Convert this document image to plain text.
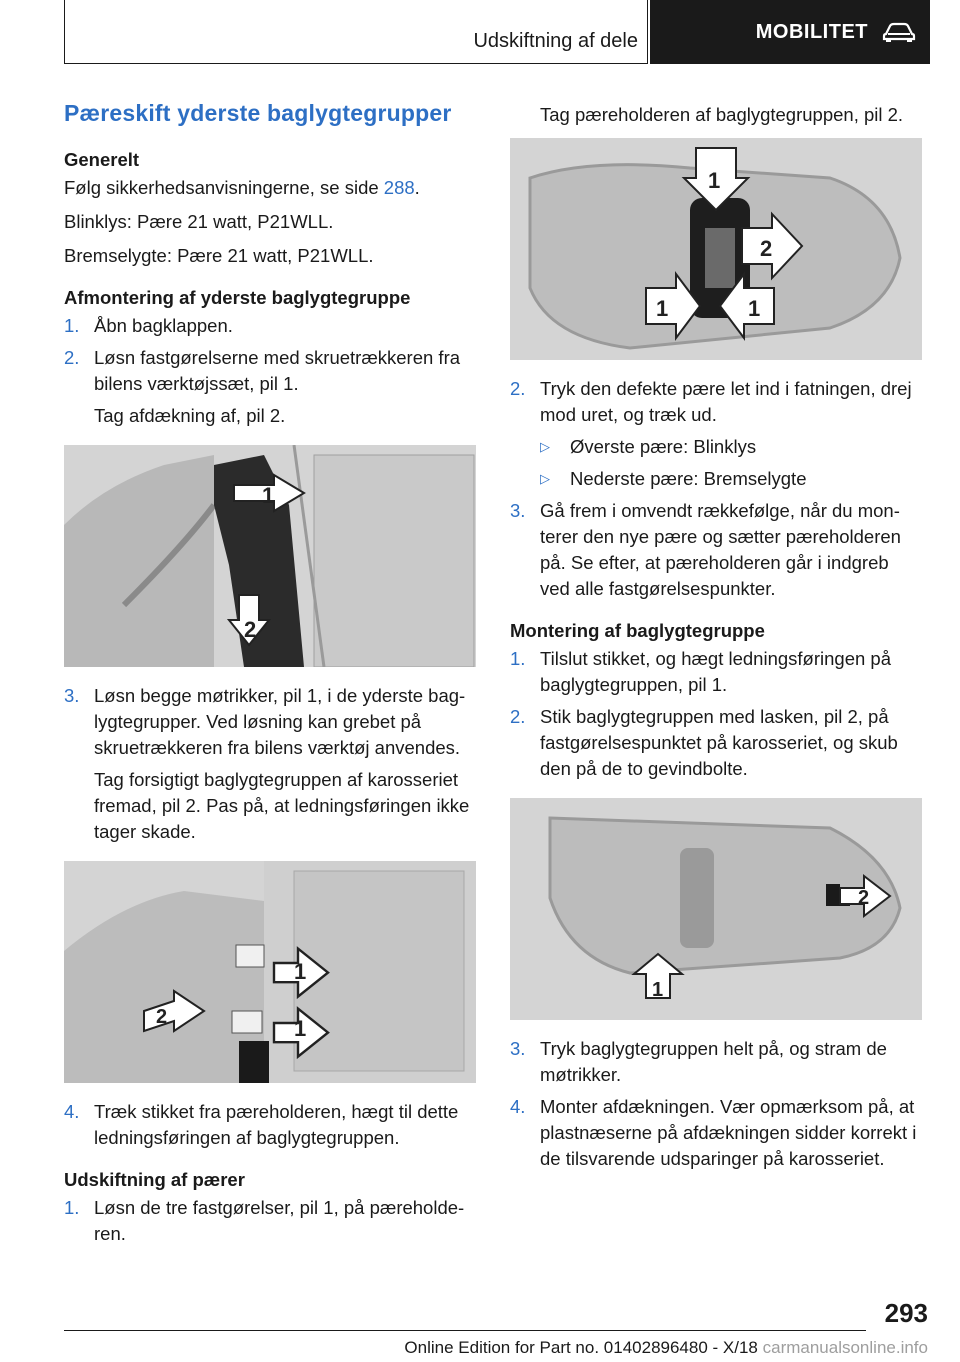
Udskiftning af dele	MOBILITET
Pæreskift yderste baglygtegrupper
Generelt

Følg sikkerhedsanvisningerne, se side 288.

Blinklys: Pære 21 watt, P21WLL.

Bremselygte: Pære 21 watt, P21WLL.

Afmontering af yderste baglygtegruppe
1. Åbn bagklappen.
2. Løsn fastgørelserne med skruetrækkeren fra bilens værktøjssæt, pil 1.

Tag afdækning af, pil 2.

1
2
3. Løsn begge møtrikker, pil 1, i de yderste bag-lygtegrupper. Ved løsning kan grebet på skruetrækkeren fra bilens værktøj anvendes.

Tag forsigtigt baglygtegruppen af karosseriet fremad, pil 2. Pas på, at ledningsføringen ikke tager skade.

1
1
2
4. Træk stikket fra pæreholderen, hægt til dette ledningsføringen af baglygtegruppen.
Udskiftning af pærer
1. Løsn de tre fastgørelser, pil 1, på pæreholde-ren.

Tag pæreholderen af baglygtegruppen, pil 2.

1
2
1	1
2. Tryk den defekte pære let ind i fatningen, drej mod uret, og træk ud.
▷ Øverste pære: Blinklys
▷ Nederste pære: Bremselygte
3. Gå frem i omvendt rækkefølge, når du mon-terer den nye pære og sætter pæreholderen på. Se efter, at pæreholderen går i indgreb ved alle fastgørelsespunkter.
Montering af baglygtegruppe
1. Tilslut stikket, og hægt ledningsføringen på baglygtegruppen, pil 1.
2. Stik baglygtegruppen med lasken, pil 2, på fastgørelsespunktet på karosseriet, og skub den på de to gevindbolte.
2
1
3. Tryk baglygtegruppen helt på, og stram de møtrikker.
4. Monter afdækningen. Vær opmærksom på, at plastnæserne på afdækningen sidder korrekt i de tilsvarende udsparinger på karosseriet.
293
Online Edition for Part no. 01402896480 - X/18 carmanualsonline.info
